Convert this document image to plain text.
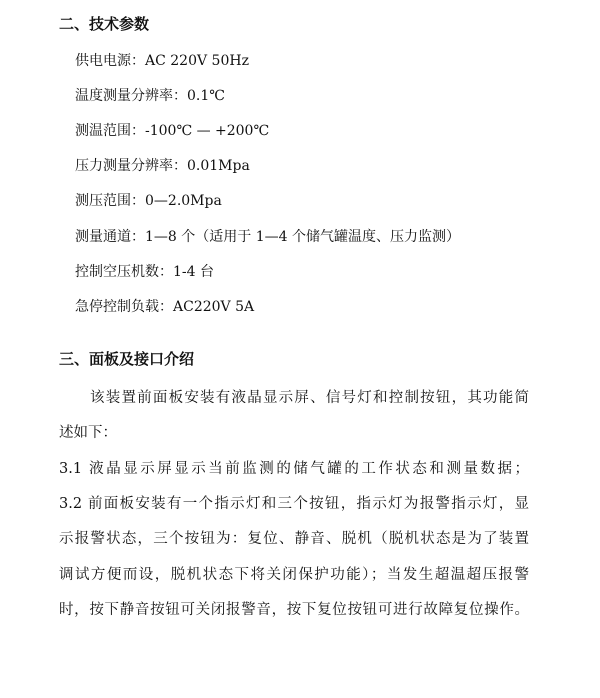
二、技术参数
供电电源：AC 220V 50Hz
温度测量分辨率：0.1℃
测温范围：-100℃ — +200℃
压力测量分辨率：0.01Mpa
测压范围：0—2.0Mpa
测量通道：1—8 个（适用于 1—4 个储气罐温度、压力监测）
控制空压机数：1-4 台
急停控制负载：AC220V 5A
三、面板及接口介绍
该装置前面板安装有液晶显示屏、信号灯和控制按钮，其功能简
述如下：
3.1 液晶显示屏显示当前监测的储气罐的工作状态和测量数据；
3.2 前面板安装有一个指示灯和三个按钮，指示灯为报警指示灯，显
示报警状态，三个按钮为：复位、静音、脱机（脱机状态是为了装置
调试方便而设，脱机状态下将关闭保护功能）；当发生超温超压报警
时，按下静音按钮可关闭报警音，按下复位按钮可进行故障复位操作。
